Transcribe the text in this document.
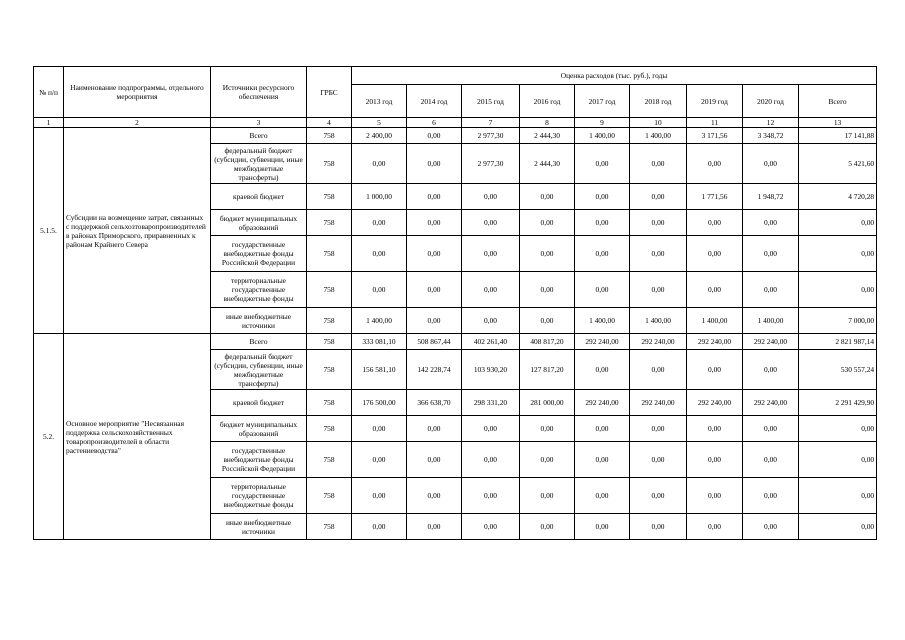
№ п/п	Наименование подпрограммы, отдельного мероприятия	Источники ресурсного обеспечения	ГРБС	Оценка расходов (тыс. руб.), годы								
				2013 год	2014 год	2015 год	2016 год	2017 год	2018 год	2019 год	2020 год	Всего
1	2	3	4	5	6	7	8	9	10	11	12	13
5.1.5.	Субсидии на возмещение затрат, связанных с поддержкой сельхозтоваропроизводителей в районах Приморского, приравненных к районам Крайнего Севера	Всего	758	2 400,00	0,00	2 977,30	2 444,30	1 400,00	1 400,00	3 171,56	3 348,72	17 141,88
		федеральный бюджет (субсидии, субвенции, иные межбюджетные трансферты)	758	0,00	0,00	2 977,30	2 444,30	0,00	0,00	0,00	0,00	5 421,60
		краевой бюджет	758	1 000,00	0,00	0,00	0,00	0,00	0,00	1 771,56	1 948,72	4 720,28
		бюджет муниципальных образований	758	0,00	0,00	0,00	0,00	0,00	0,00	0,00	0,00	0,00
		государственные внебюджетные фонды Российской Федерации	758	0,00	0,00	0,00	0,00	0,00	0,00	0,00	0,00	0,00
		территориальные государственные внебюджетные фонды	758	0,00	0,00	0,00	0,00	0,00	0,00	0,00	0,00	0,00
		иные внебюджетные источники	758	1 400,00	0,00	0,00	0,00	1 400,00	1 400,00	1 400,00	1 400,00	7 000,00
5.2.	Основное мероприятие "Несвязанная поддержка сельскохозяйственных товаропроизводителей в области растениеводства"	Всего	758	333 081,10	508 867,44	402 261,40	408 817,20	292 240,00	292 240,00	292 240,00	292 240,00	2 821 987,14
		федеральный бюджет (субсидии, субвенции, иные межбюджетные трансферты)	758	156 581,10	142 228,74	103 930,20	127 817,20	0,00	0,00	0,00	0,00	530 557,24
		краевой бюджет	758	176 500,00	366 638,70	298 331,20	281 000,00	292 240,00	292 240,00	292 240,00	292 240,00	2 291 429,90
		бюджет муниципальных образований	758	0,00	0,00	0,00	0,00	0,00	0,00	0,00	0,00	0,00
		государственные внебюджетные фонды Российской Федерации	758	0,00	0,00	0,00	0,00	0,00	0,00	0,00	0,00	0,00
		территориальные государственные внебюджетные фонды	758	0,00	0,00	0,00	0,00	0,00	0,00	0,00	0,00	0,00
		иные внебюджетные источники	758	0,00	0,00	0,00	0,00	0,00	0,00	0,00	0,00	0,00
